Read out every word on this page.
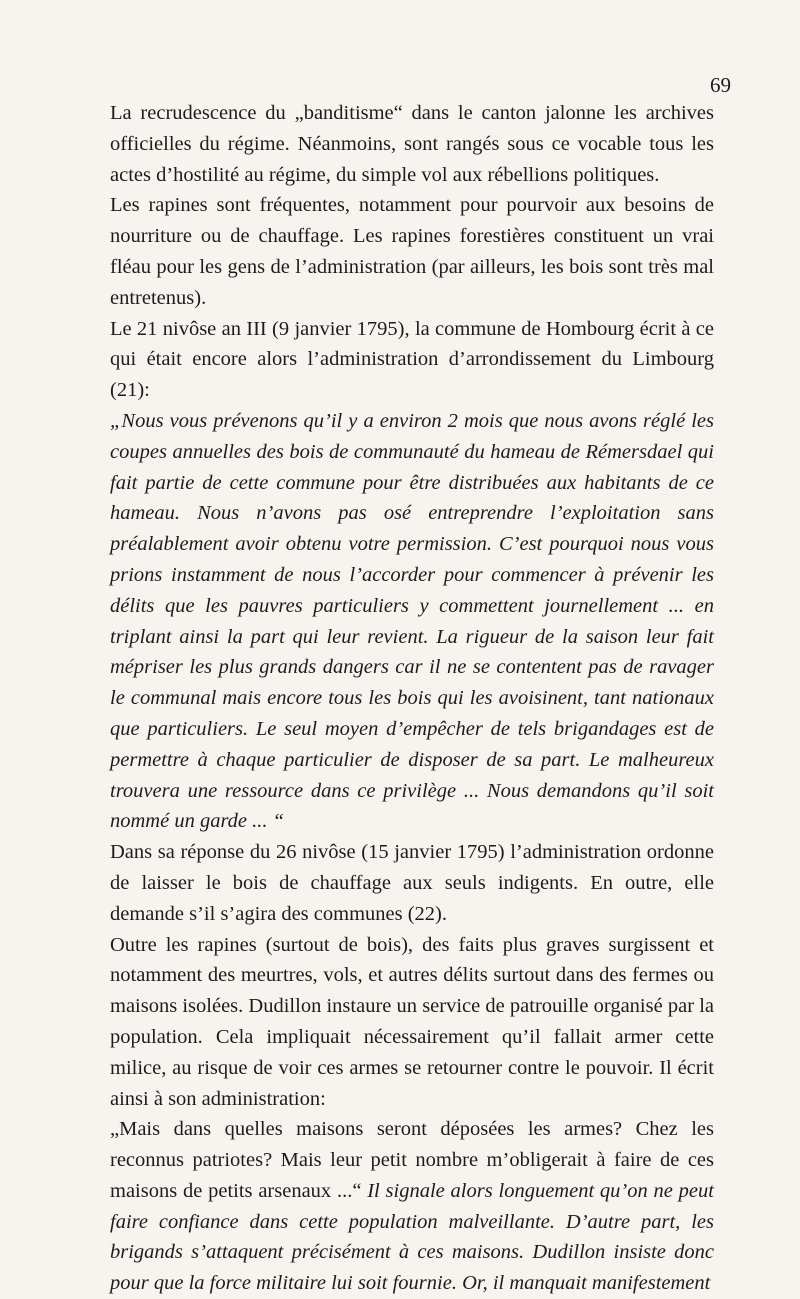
69

La recrudescence du „banditisme“ dans le canton jalonne les archives officielles du régime. Néanmoins, sont rangés sous ce vocable tous les actes d’hostilité au régime, du simple vol aux rébellions politiques.

Les rapines sont fréquentes, notamment pour pourvoir aux besoins de nourriture ou de chauffage. Les rapines forestières constituent un vrai fléau pour les gens de l’administration (par ailleurs, les bois sont très mal entretenus).

Le 21 nivôse an III (9 janvier 1795), la commune de Hombourg écrit à ce qui était encore alors l’administration d’arrondissement du Limbourg (21):

„Nous vous prévenons qu’il y a environ 2 mois que nous avons réglé les coupes annuelles des bois de communauté du hameau de Rémersdael qui fait partie de cette commune pour être distribuées aux habitants de ce hameau. Nous n’avons pas osé entreprendre l’exploitation sans préalablement avoir obtenu votre permission. C’est pourquoi nous vous prions instamment de nous l’accorder pour commencer à prévenir les délits que les pauvres particuliers y commettent journellement ... en triplant ainsi la part qui leur revient. La rigueur de la saison leur fait mépriser les plus grands dangers car il ne se contentent pas de ravager le communal mais encore tous les bois qui les avoisinent, tant nationaux que particuliers. Le seul moyen d’empêcher de tels brigandages est de permettre à chaque particulier de disposer de sa part. Le malheureux trouvera une ressource dans ce privilège ... Nous demandons qu’il soit nommé un garde ... “

Dans sa réponse du 26 nivôse (15 janvier 1795) l’administration ordonne de laisser le bois de chauffage aux seuls indigents. En outre, elle demande s’il s’agira des communes (22).

Outre les rapines (surtout de bois), des faits plus graves surgissent et notamment des meurtres, vols, et autres délits surtout dans des fermes ou maisons isolées. Dudillon instaure un service de patrouille organisé par la population. Cela impliquait nécessairement qu’il fallait armer cette milice, au risque de voir ces armes se retourner contre le pouvoir. Il écrit ainsi à son administration:

„Mais dans quelles maisons seront déposées les armes? Chez les reconnus patriotes? Mais leur petit nombre m’obligerait à faire de ces maisons de petits arsenaux ...“ Il signale alors longuement qu’on ne peut faire confiance dans cette population malveillante. D’autre part, les brigands s’attaquent précisément à ces maisons. Dudillon insiste donc pour que la force militaire lui soit fournie. Or, il manquait manifestement
